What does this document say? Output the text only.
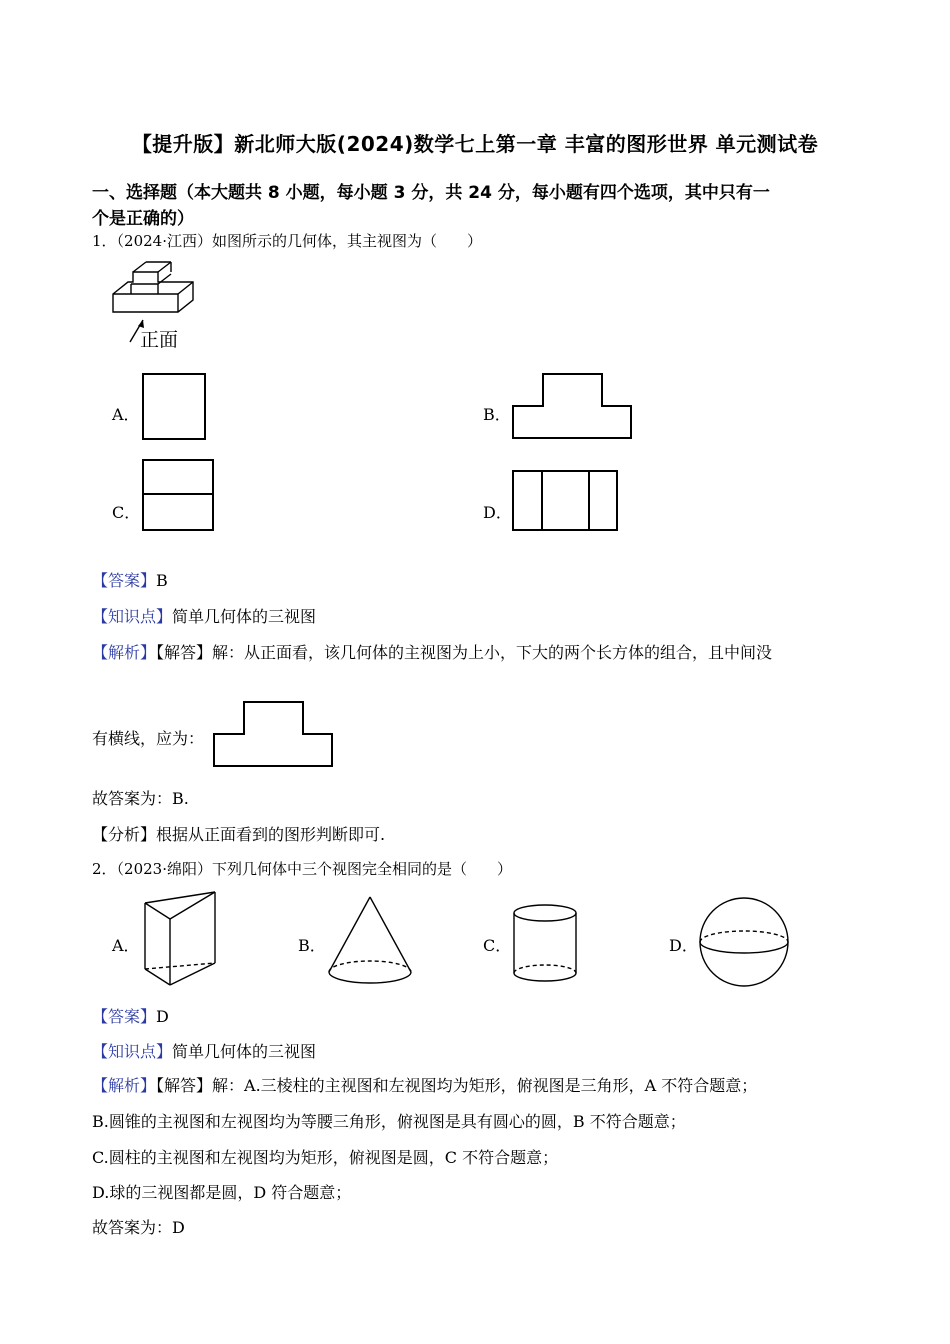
【提升版】新北师大版(2024)数学七上第一章 丰富的图形世界 单元测试卷
一、选择题（本大题共 8 小题，每小题 3 分，共 24 分，每小题有四个选项，其中只有一
个是正确的）
1．（2024·江西）如图所示的几何体，其主视图为（　　）
正面
A．	B．
C．	D．
【答案】B
【知识点】简单几何体的三视图
【解析】【解答】解：从正面看，该几何体的主视图为上小，下大的两个长方体的组合，且中间没
有横线，应为：
故答案为：B.
【分析】根据从正面看到的图形判断即可.
2．（2023·绵阳）下列几何体中三个视图完全相同的是（　　）
A．	B．	C．	D．
【答案】D
【知识点】简单几何体的三视图
【解析】【解答】解：A.三棱柱的主视图和左视图均为矩形，俯视图是三角形，A 不符合题意；
B.圆锥的主视图和左视图均为等腰三角形，俯视图是具有圆心的圆，B 不符合题意；
C.圆柱的主视图和左视图均为矩形，俯视图是圆，C 不符合题意；
D.球的三视图都是圆，D 符合题意；
故答案为：D
